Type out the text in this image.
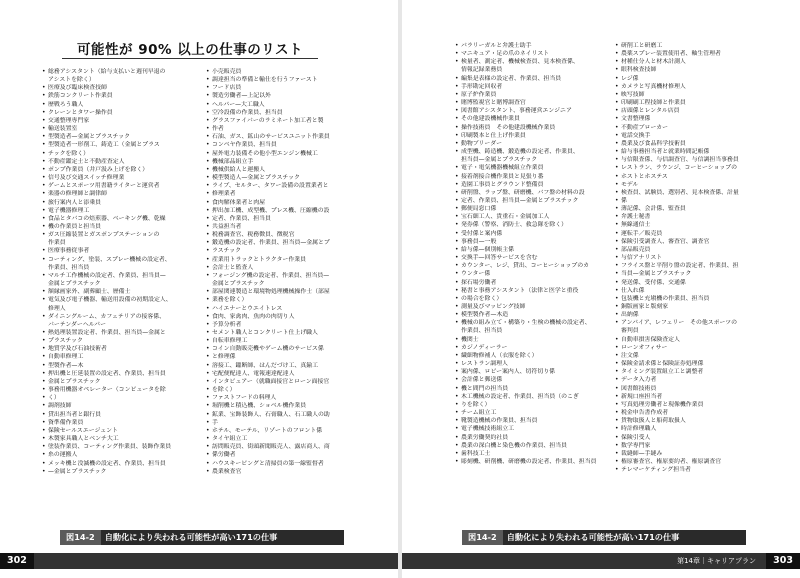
可能性が 90% 以上の仕事のリスト
• 総務アシスタント（給与支払いと週刊早退の
アシストを除く）
• 医療及び臨床検査技師
• 鉄筋コンクリート作業員
• 歴戦ろう職人
• クレーンとタワー操作員
• 交通整理専門家
• 輸送装置室
• 型製造者—金属とプラスチック
• 型製造者一形削工、鋳造工（金属とプラス
• チックを除く）
• 不動産鑑定士と不動産査定人
• ポンプ作業員（井戸汲み上げを除く）
• 信号及び交通スイッチ修理業
• ゲームとスポーツ用書籍ライターと運営者
• 楽器の修理師と調律師
• 旅行案内人と添乗員
• 電子機器修理工
• 食品とタバコの焙煎器、ベーキング機、乾燥
• 機の作業員と担当員
• ガス圧縮装置とガスポンプステーションの
作業員
• 医療事務従事者
• コーティング、塗装、スプレー機械の設定者、
作業員、担当員
• マルチ工作機械の設定者、作業員、担当員—
金属とプラスチック
• 額縁画家外、副葬顧士、歴備士
• 電気及び電子機器、輸送用設備の初期設定人、
修理人
• ダイニングルーム、カフェテリアの接客係、
バーテンダーヘルパー
• 熱処理装置設定者、作業員、担当員—金属と
• プラスチック
• 地質学及び石油技術者
• 自動車修理工
• 型製作者—木
• 押出機と圧延装置の設定者、作業員、担当員
• 金属とプラスチック
• 事務用機器オペレーター（コンピュータを除
• く）
• 調剤技師
• 貸出担当者と銀行員
• 資準備作業員
• 保険セールスエージェント
• 木製家具職人とベンチ大工
• 塗装作業員、コーティング作業員、装飾作業員
• 糸の運搬人
• メッキ機と没滅機の設定者、作業員、担当員
• —金属とプラスチック
• 小売販売員
• 調達担当の準備と輸仕を行うファースト
• フード店員
• 製造労働者—上記以外
• ヘルパー—大工職人
• 空冷設備の作業員、担当員
• グラスファイバーのラミネート加工者と製
• 作者
• 石油、ガス、鉱山のサービスユニット作業員
• コンベヤ作業員、担当員
• 屋外電力装備その他小型エンジン機械工
• 機械部品組立手
• 機械供給人と運搬人
• 模型製造人—金属とプラスチック
• ライブ、セルター、タワー設備の設置業者と
• 修理業者
• 食肉解体業者と肉屋
• 押出加工機、成型機、プレス機、圧縮機の設
• 定者、作業員、担当員
• 共益担当者
• 税務調査官、税務徴員、徴税官
• 鍛造機の設定者、作業員、担当員—金属とプ
• ラスチック
• 産業用トラックとトラクター作業員
• 会計士と監査人
• フォージング機の設定者、作業員、担当員—
金属とプラスチック
• 部屋関連製造と環境物処理機械操作士（部屋
• 業務を除く）
• ハイエナーとウエイトレス
• 食肉、家禽肉、魚肉の肉切り人
• 予算分析者
• セメント職人とコンクリート仕上げ職人
• 自転車修理工
• コイン自動販売機やゲーム機のサービス係
• と修理係
• 溶接工、鑞断師、はんだづけ工、真鍮工
• 宅配便配達人、電報速達配達人
• インタビュアー（就職面接官とローン面接官
• を除く）
• ファストフードの料理人
• 堀削機と積込機、ショベル機作業員
• 鉱業、宝飾装飾人、石膏職人、石工職人の助
• 手
• ホテル、モーテル、リゾートのフロント係
• タイヤ組立工
• 訪問販売員、街頭新聞販売人、露店商人、商
• 係労働者
• ハウスキーピングと清掃員の第一線監督者
• 農業検査官
図14-2 自動化により失われる可能性が高い171の仕事
302
• パラリーガルと弁護士助手
• マニキュア・足の爪のネイリスト
• 検量者、測定者、機械検査員、見本検査係、
情報記録業務員
• 編集是表様の設定者、作業員、担当員
• 手形勘定回収者
• 原子炉作業員
• 賭博監視官と賭博調査官
• 図書館アシスタント、事務運営エンジニア
• その他建設機械作業員
• 操作技術員　その他建設機械作業員
• 印刷製本と仕上げ作業員
• 動物ブリーダー
• 成型機、鋳造機、鍛造機の設定者、作業員、
担当員—金属とプラスチック
• 電子・電気機器機械組立作業員
• 接着剤接合機作業員と見張り番
• 造園工事員とグラウンド整備員
• 研削盤、ラップ盤、研磨機、バフ盤の材料の設
• 定者、作業員、担当員—金属とプラスチック
• 郵便局窓口係
• 宝石細工人、貴重石・金属加工人
• 発券係（警察、消防士、救急隊を除く）
• 受付係と案内係
• 事務員—一般
• 給与係—個別帳主係
• 交換手—回答サービスを含む
• カウンター、レジ、貸出、コーヒーショップのカ
• ウンター係
• 探石場労働者
• 秘書と事務アシスタント（法律と医学と重役
• の場合を除く）
• 測量及びマッピング技師
• 模型製作者—木造
• 機械の組み立て・構築り・生検の機械の設定者、
作業員、担当員
• 機関士
• カジノディーラー
• 繊細物修補人（衣服を除く）
• レストラン調理人
• 案内係、ロビー案内人、切符切り係
• 会計係と郵送係
• 機と間門の担当員
• 木工機械の設定者、作業員、担当員（のこぎ
• りを除く）
• チーム組立工
• 靴製造機械の作業員、担当員
• 電子機械技術組立工
• 農業労働契約社員
• 農業の深白機と染色機の作業員、担当員
• 歯科技工士
• 彫刻機、研削機、研磨機の設定者、作業員、担当員
• 研削工と研磨工
• 農薬スプレー装置使用者、軸生管理者
• 材種仕分人と材木計測人
• 眼科検査技師
• レジ係
• カメラと写真機材修理人
• 映写技師
• 印刷刷工程技師と作業員
• 店頭係とレンタル店員
• 文書整理係
• 不動産ブローカー
• 電話交換手
• 農業及び食品科学技術員
• 給与事務担当者と就業時間記帳係
• 与信限査係、与信調査官、与信調担当事務員
• レストラン、ラウンジ、コーヒーショップの
• ホストとホステス
• モデル
• 検査員、試験員、選別者、見本検査係、計量
• 係
• 薄記係、会計係、監査員
• 弁護士秘書
• 無線通信士
• 運転手／販売員
• 保険引受調査人、審査官、調査官
• 部品販売員
• 与信アナリスト
• フライス盤と平削り盤の設定者、作業員、担
• 当員—金属とプラスチック
• 発送係、受付係、交通係
• 仕入れ係
• 包装機と充塡機の作業員、担当員
• 銅版画家と版刻家
• 出納係
• アンパイア、レフェリー　その他スポーツの
審判員
• 自動車損害保険査定人
• ローンオフィサー
• 注文係
• 保険金請求係と保険証券処理係
• タイミング装置組立工と調整者
• データ入力者
• 図書館技術員
• 新規口座担当者
• 写真処理労働者と現像機作業員
• 税金申告書作成者
• 貨物取扱人と船荷取扱人
• 時計修理職人
• 保険引受人
• 数学専門家
• 裁縫師—手縫み
• 権原審査官、権原要約者、権原調査官
• テレマーケティング担当者
図14-2 自動化により失われる可能性が高い171の仕事
第14章｜キャリアプラン	303
